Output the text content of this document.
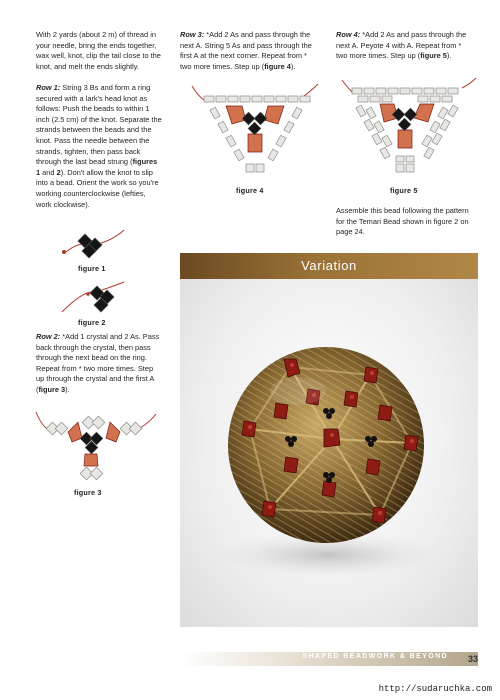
With 2 yards (about 2 m) of thread in your needle, bring the ends together, wax well, knot, clip the tail close to the knot, and melt the ends slightly.

Row 1: String 3 Bs and form a ring secured with a lark's head knot as follows: Push the beads to within 1 inch (2.5 cm) of the knot. Separate the strands between the beads and the knot. Pass the needle between the strands, tighten, then pass back through the last bead strung (figures 1 and 2). Don't allow the knot to slip into a bead. Orient the work so you're working counterclockwise (lefties, work clockwise).
figure 1
figure 2
Row 2: *Add 1 crystal and 2 As. Pass back through the crystal, then pass through the next bead on the ring. Repeat from * two more times. Step up through the crystal and the first A (figure 3).
figure 3
Row 3: *Add 2 As and pass through the next A. String 5 As and pass through the first A at the next corner. Repeat from * two more times. Step up (figure 4).
figure 4
Row 4: *Add 2 As and pass through the next A. Peyote 4 with A. Repeat from * two more times. Step up (figure 5).
figure 5
Assemble this bead following the pattern for the Temari Bead shown in figure 2 on page 24.
Variation
SHAPED BEADWORK & BEYOND 33
http://sudaruchka.com
